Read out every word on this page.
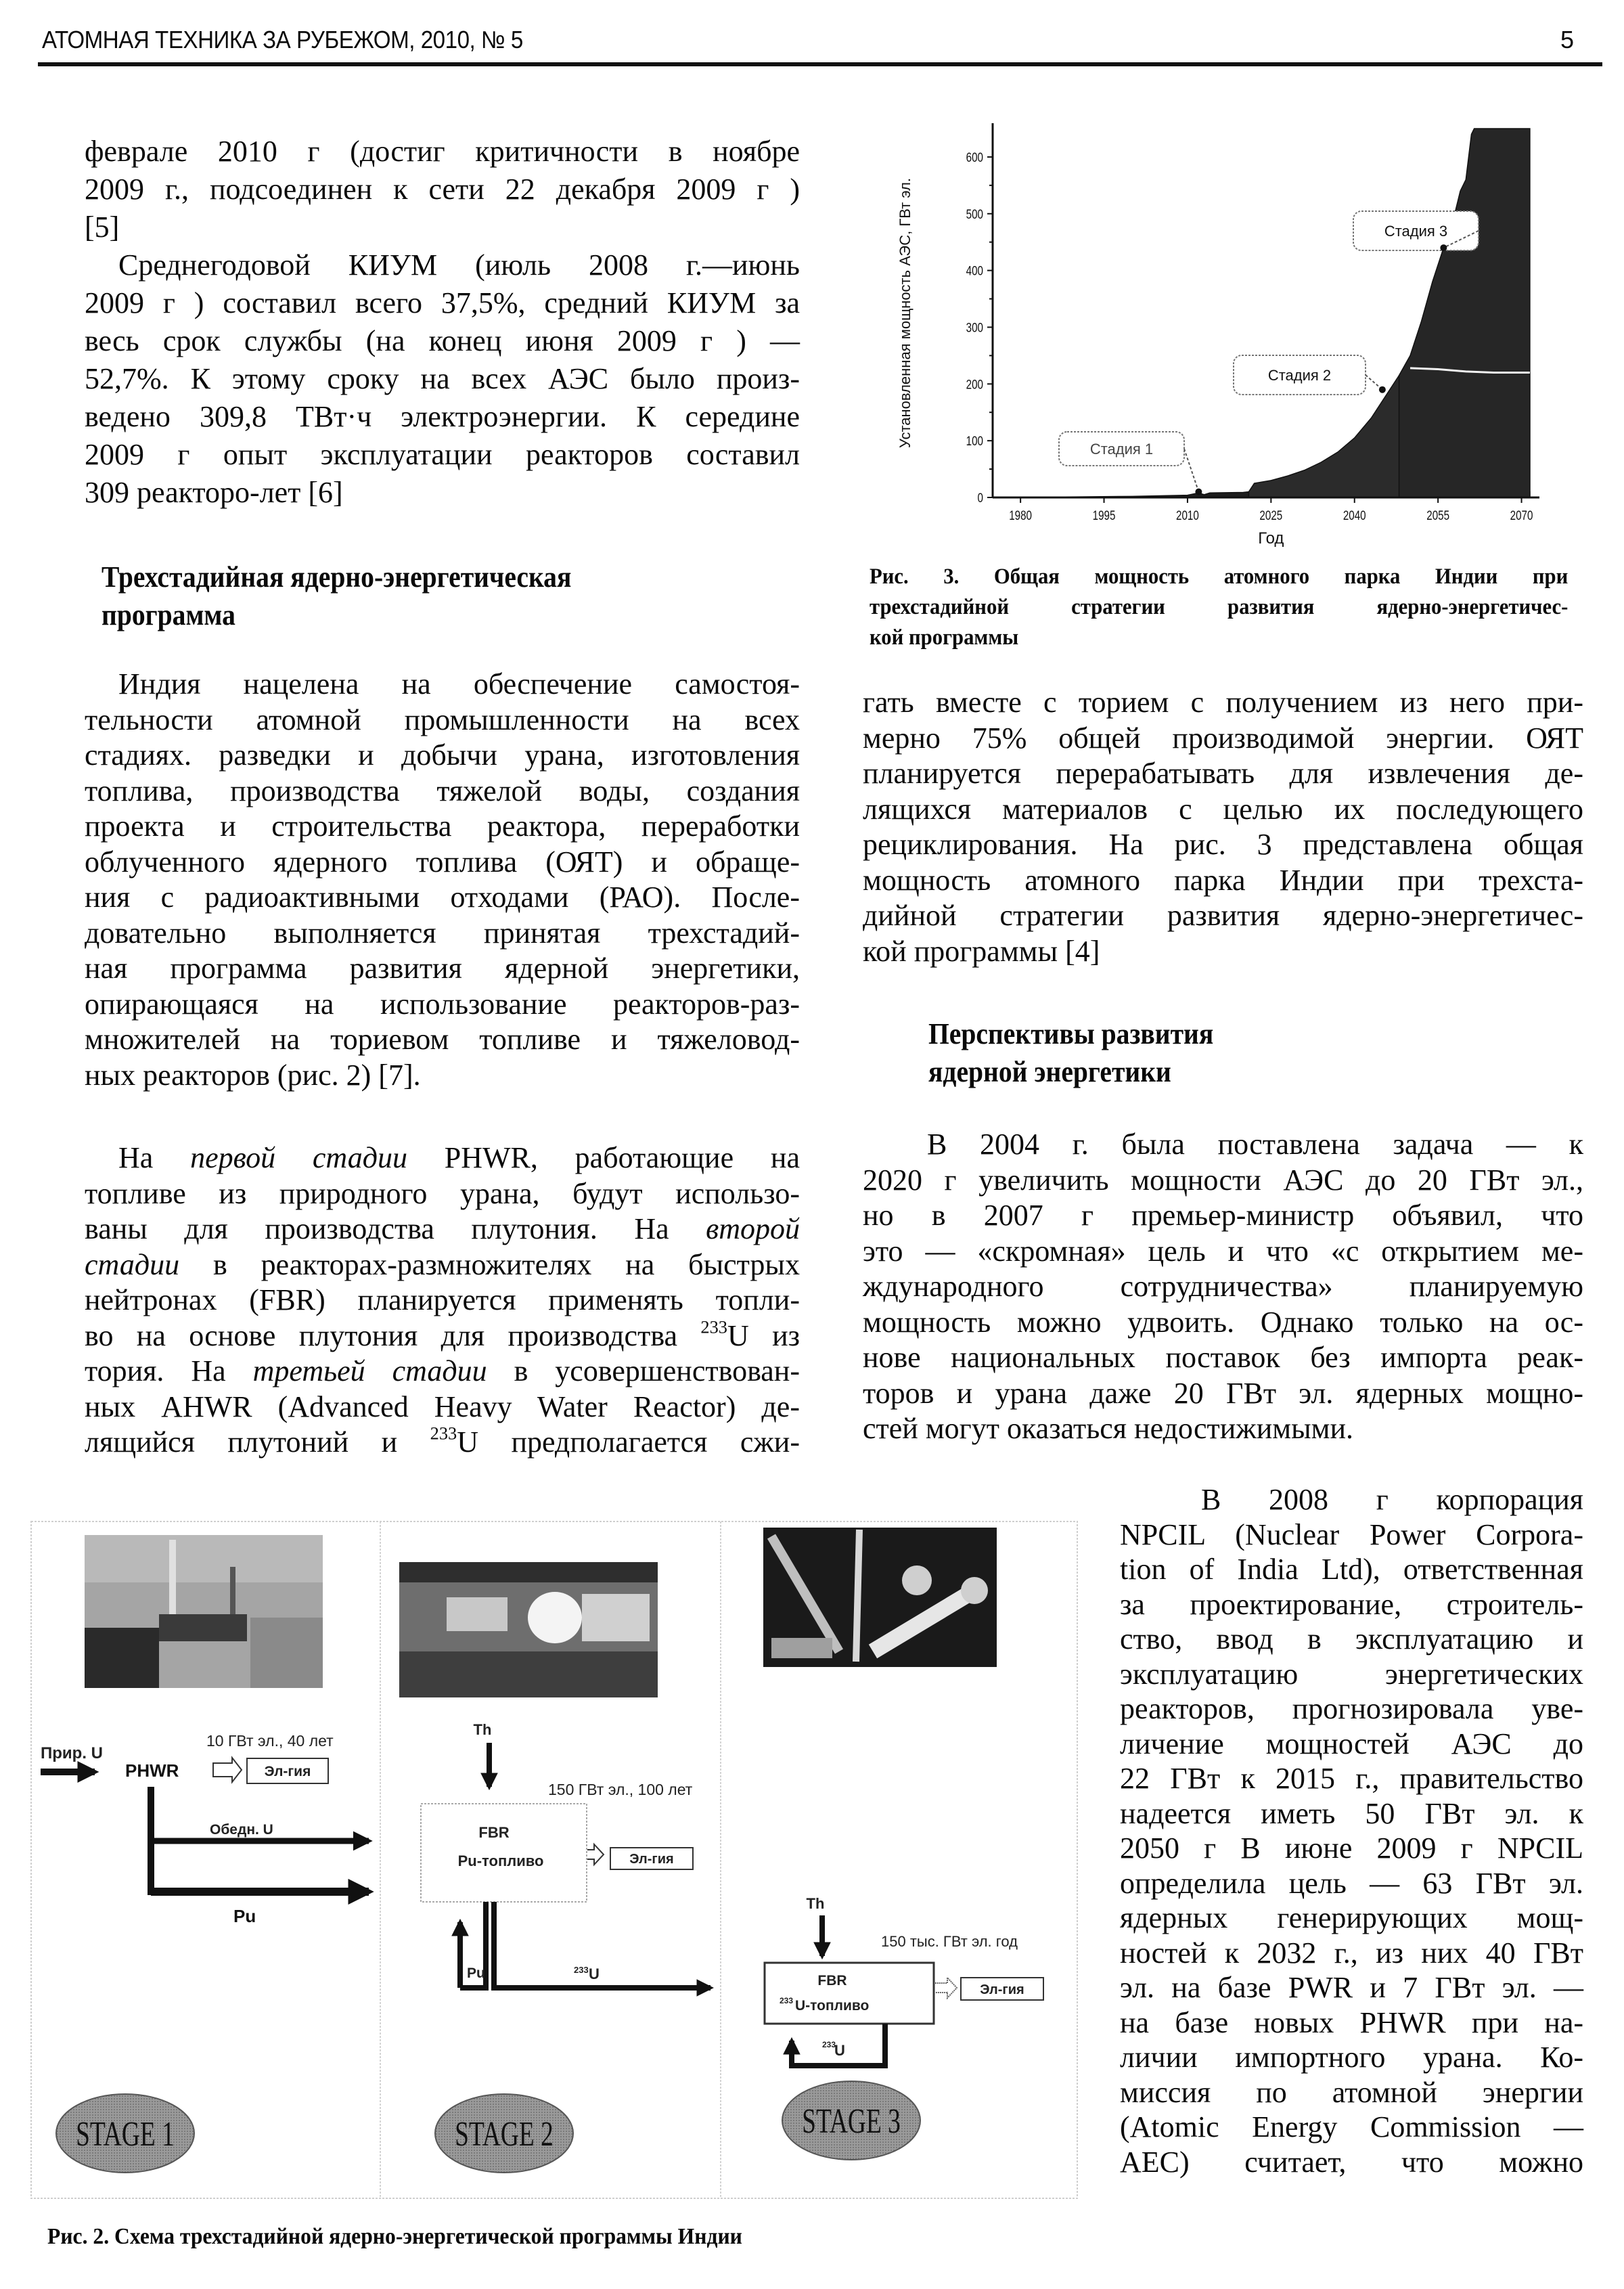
АТОМНАЯ ТЕХНИКА ЗА РУБЕЖОМ, 2010, № 5	5
феврале 2010 г (достиг критичности в ноябре
2009 г., подсоединен к сети 22 декабря 2009 г )
[5]
Среднегодовой КИУМ (июль 2008 г.—июнь
2009 г ) составил всего 37,5%, средний КИУМ за
весь срок службы (на конец июня 2009 г ) —
52,7%. К этому сроку на всех АЭС было произ-
ведено 309,8 ТВт·ч электроэнергии. К середине
2009 г опыт эксплуатации реакторов составил
309 реакторо-лет [6]
Трехстадийная ядерно-энергетическая
программа
Индия нацелена на обеспечение самостоя-
тельности атомной промышленности на всех
стадиях. разведки и добычи урана, изготовления
топлива, производства тяжелой воды, создания
проекта и строительства реактора, переработки
облученного ядерного топлива (ОЯТ) и обраще-
ния с радиоактивными отходами (РАО). После-
довательно выполняется принятая трехстадий-
ная программа развития ядерной энергетики,
опирающаяся на использование реакторов-раз-
множителей на ториевом топливе и тяжеловод-
ных реакторов (рис. 2) [7].
На первой стадии PHWR, работающие на
топливе из природного урана, будут использо-
ваны для производства плутония. На второй
стадии в реакторах-размножителях на быстрых
нейтронах (FBR) планируется применять топли-
во на основе плутония для производства $^{233}$U из
тория. На третьей стадии в усовершенствован-
ных AHWR (Advanced Heavy Water Reactor) де-
лящийся плутоний и $^{233}$U предполагается сжи-
0
100
200
300
400
500
600
1980	1995	2010	2025	2040	2055	2070
Установленная мощность АЭС, ГВт эл.
Год
Стадия 1
Стадия 2
Стадия 3
Рис. 3. Общая мощность атомного парка Индии при
трехстадийной стратегии развития ядерно-энергетичес-
кой программы
гать вместе с торием с получением из него при-
мерно 75% общей производимой энергии. ОЯТ
планируется перерабатывать для извлечения де-
лящихся материалов с целью их последующего
рециклирования. На рис. 3 представлена общая
мощность атомного парка Индии при трехста-
дийной стратегии развития ядерно-энергетичес-
кой программы [4]
Перспективы развития
ядерной энергетики
В 2004 г. была поставлена задача — к
2020 г увеличить мощности АЭС до 20 ГВт эл.,
но в 2007 г премьер-министр объявил, что
это — «скромная» цель и что «с открытием ме-
ждународного сотрудничества» планируемую
мощность можно удвоить. Однако только на ос-
нове национальных поставок без импорта реак-
торов и урана даже 20 ГВт эл. ядерных мощно-
стей могут оказаться недостижимыми.
В 2008 г корпорация
NPCIL (Nuclear Power Corpora-
tion of India Ltd), ответственная
за проектирование, строитель-
ство, ввод в эксплуатацию и
эксплуатацию энергетических
реакторов, прогнозировала уве-
личение мощностей АЭС до
22 ГВт к 2015 г., правительство
надеется иметь 50 ГВт эл. к
2050 г В июне 2009 г NPCIL
определила цель — 63 ГВт эл.
ядерных генерирующих мощ-
ностей к 2032 г., из них 40 ГВт
эл. на базе PWR и 7 ГВт эл. —
на базе новых PHWR при на-
личии импортного урана. Ко-
миссия по атомной энергии
(Atomic Energy Commission —
AEC) считает, что можно
Прир. U
PHWR
10 ГВт эл., 40 лет
Эл-гия
Обедн. U
Pu
Th
150 ГВт эл., 100 лет
FBR
Pu-топливо	Эл-гия
Pu	233 U
Th
150 тыс. ГВт эл. год
FBR
233 U-топливо
Эл-гия
233
U
STAGE 1	STAGE 2	STAGE 3
Рис. 2. Схема трехстадийной ядерно-энергетической программы Индии
